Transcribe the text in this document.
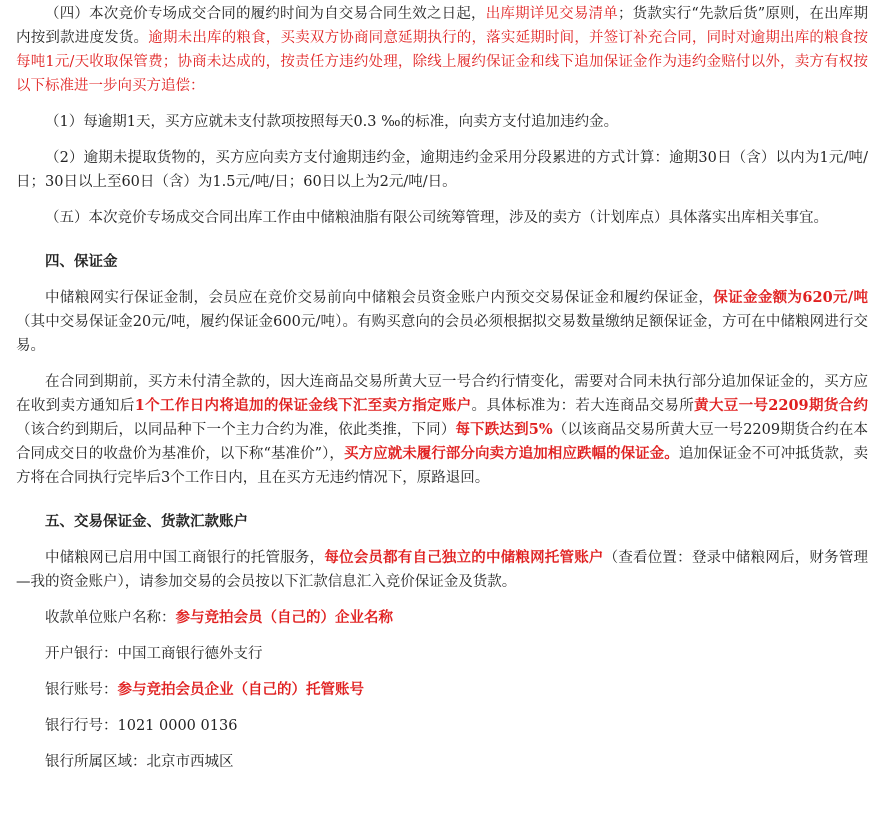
（四）本次竞价专场成交合同的履约时间为自交易合同生效之日起，出库期详见交易清单；货款实行“先款后货”原则，在出库期内按到款进度发货。逾期未出库的粮食，买卖双方协商同意延期执行的，落实延期时间，并签订补充合同，同时对逾期出库的粮食按每吨1元/天收取保管费；协商未达成的，按责任方违约处理，除线上履约保证金和线下追加保证金作为违约金赔付以外，卖方有权按以下标准进一步向买方追偿：

（1）每逾期1天，买方应就未支付款项按照每天0.3 ‰的标准，向卖方支付追加违约金。

（2）逾期未提取货物的，买方应向卖方支付逾期违约金，逾期违约金采用分段累进的方式计算：逾期30日（含）以内为1元/吨/日；30日以上至60日（含）为1.5元/吨/日；60日以上为2元/吨/日。

（五）本次竞价专场成交合同出库工作由中储粮油脂有限公司统筹管理，涉及的卖方（计划库点）具体落实出库相关事宜。

四、保证金

中储粮网实行保证金制，会员应在竞价交易前向中储粮会员资金账户内预交交易保证金和履约保证金，保证金金额为620元/吨（其中交易保证金20元/吨，履约保证金600元/吨）。有购买意向的会员必须根据拟交易数量缴纳足额保证金，方可在中储粮网进行交易。

在合同到期前，买方未付清全款的，因大连商品交易所黄大豆一号合约行情变化，需要对合同未执行部分追加保证金的，买方应在收到卖方通知后1个工作日内将追加的保证金线下汇至卖方指定账户。具体标准为：若大连商品交易所黄大豆一号2209期货合约（该合约到期后，以同品种下一个主力合约为准，依此类推，下同）每下跌达到5%（以该商品交易所黄大豆一号2209期货合约在本合同成交日的收盘价为基准价，以下称“基准价”），买方应就未履行部分向卖方追加相应跌幅的保证金。追加保证金不可冲抵货款，卖方将在合同执行完毕后3个工作日内，且在买方无违约情况下，原路退回。

五、交易保证金、货款汇款账户

中储粮网已启用中国工商银行的托管服务，每位会员都有自己独立的中储粮网托管账户（查看位置：登录中储粮网后，财务管理—我的资金账户），请参加交易的会员按以下汇款信息汇入竞价保证金及货款。

收款单位账户名称：参与竞拍会员（自己的）企业名称

开户银行：中国工商银行德外支行

银行账号：参与竞拍会员企业（自己的）托管账号

银行行号：1021 0000 0136

银行所属区域：北京市西城区
